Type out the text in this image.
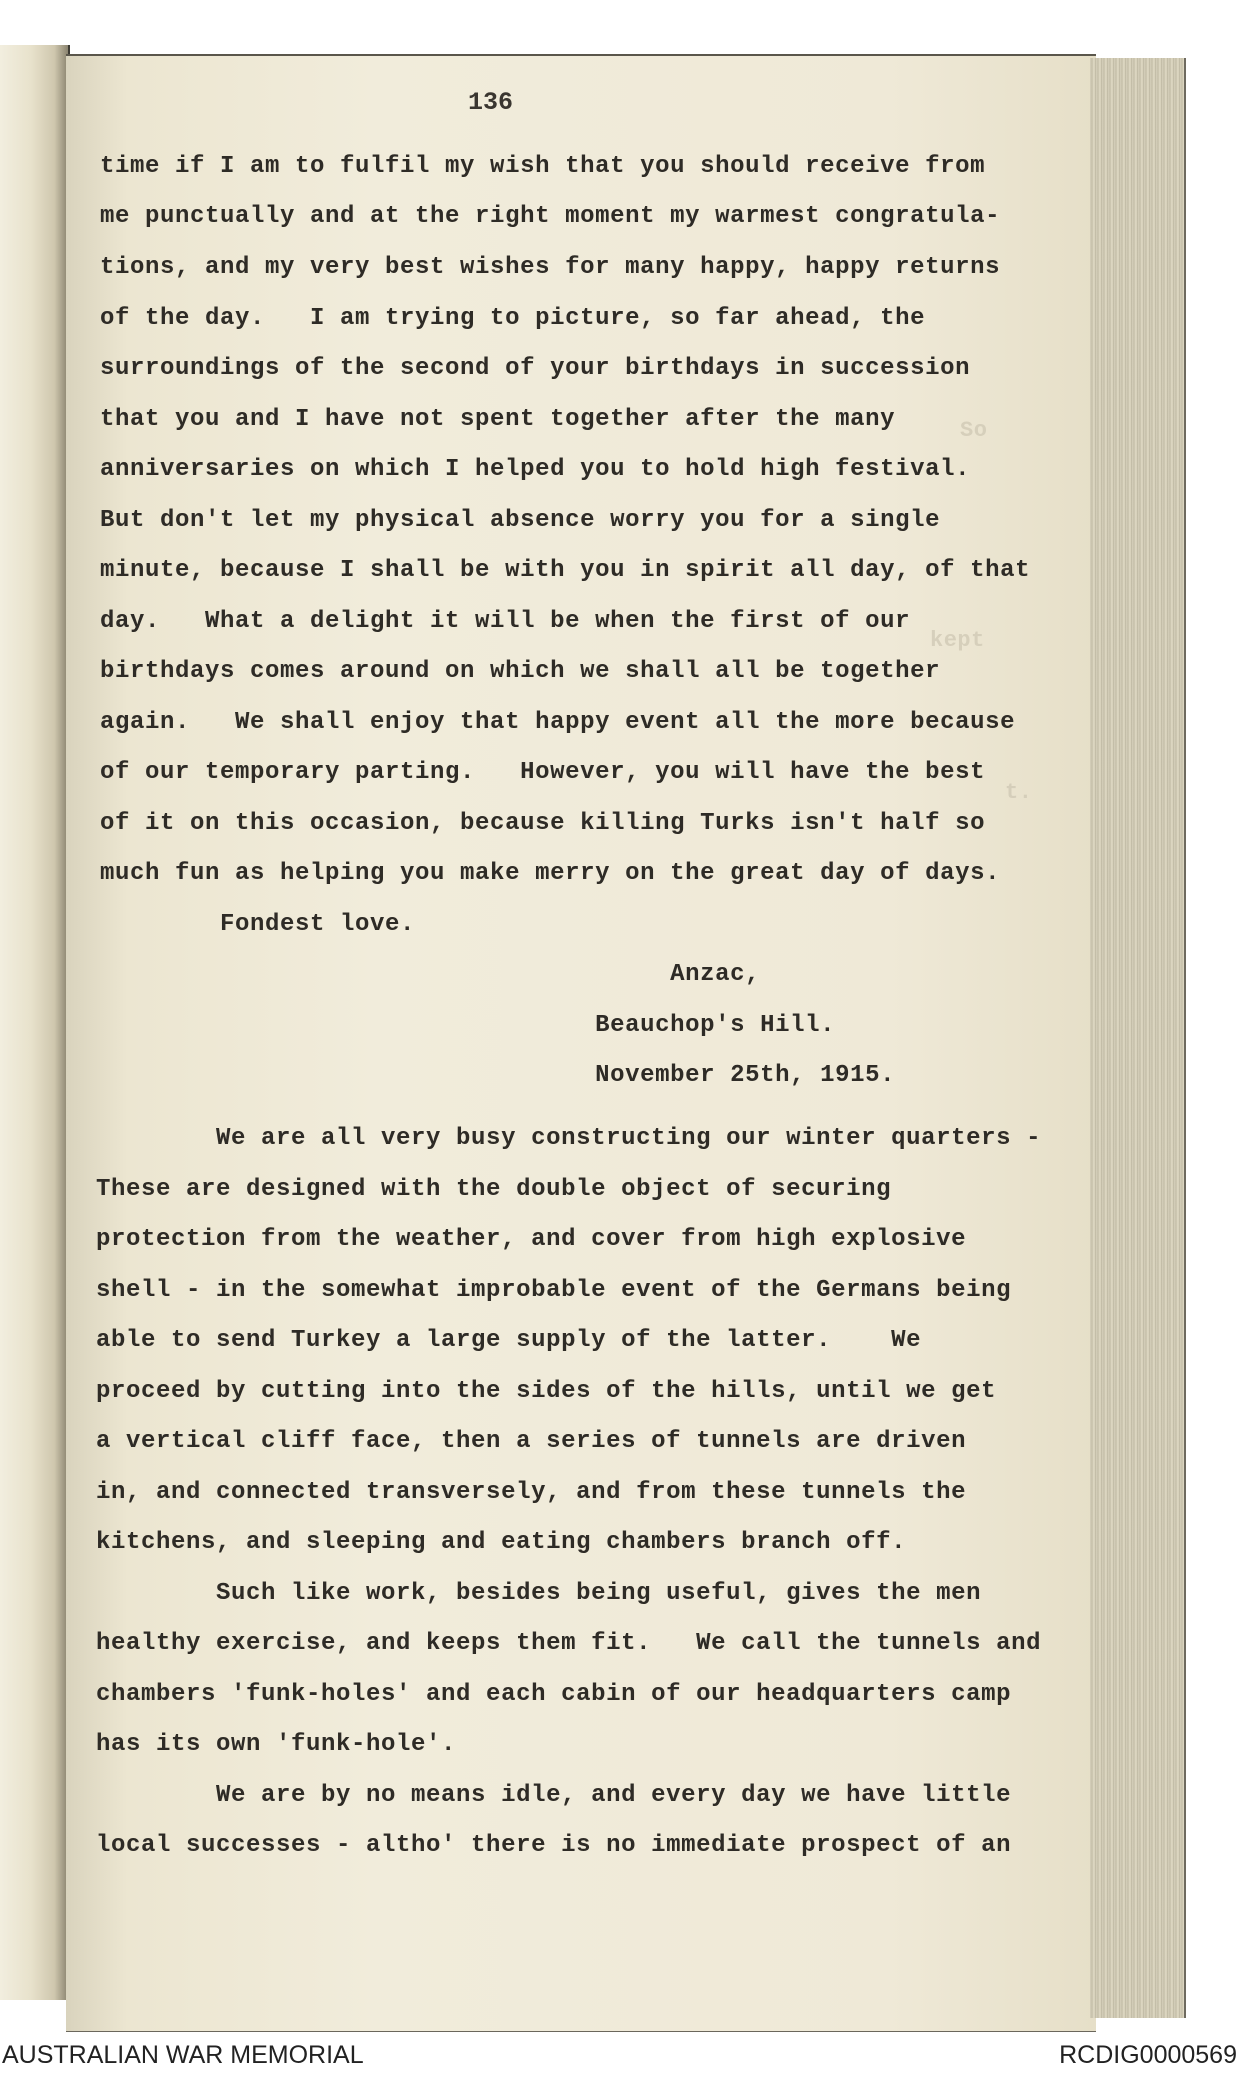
So
kept
t.
136
time if I am to fulfil my wish that you should receive from
me punctually and at the right moment my warmest congratula-
tions, and my very best wishes for many happy, happy returns
of the day.   I am trying to picture, so far ahead, the
surroundings of the second of your birthdays in succession
that you and I have not spent together after the many
anniversaries on which I helped you to hold high festival.
But don't let my physical absence worry you for a single
minute, because I shall be with you in spirit all day, of that
day.   What a delight it will be when the first of our
birthdays comes around on which we shall all be together
again.   We shall enjoy that happy event all the more because
of our temporary parting.   However, you will have the best
of it on this occasion, because killing Turks isn't half so
much fun as helping you make merry on the great day of days.
Fondest love.
Anzac,
Beauchop's Hill.
November 25th, 1915.
We are all very busy constructing our winter quarters -
These are designed with the double object of securing
protection from the weather, and cover from high explosive
shell - in the somewhat improbable event of the Germans being
able to send Turkey a large supply of the latter.    We
proceed by cutting into the sides of the hills, until we get
a vertical cliff face, then a series of tunnels are driven
in, and connected transversely, and from these tunnels the
kitchens, and sleeping and eating chambers branch off.
Such like work, besides being useful, gives the men
healthy exercise, and keeps them fit.   We call the tunnels and
chambers 'funk-holes' and each cabin of our headquarters camp
has its own 'funk-hole'.
We are by no means idle, and every day we have little
local successes - altho' there is no immediate prospect of an
AUSTRALIAN WAR MEMORIAL	RCDIG0000569
